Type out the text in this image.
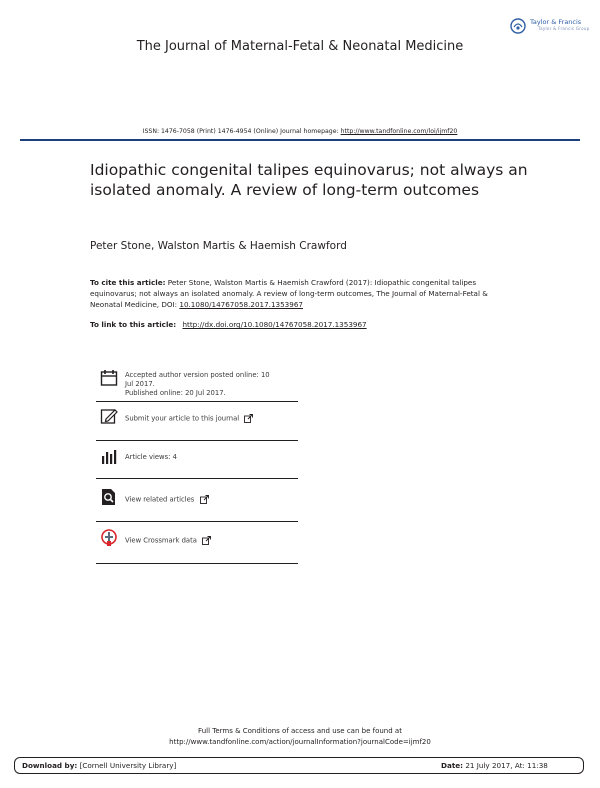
Taylor & Francis
Taylor & Francis Group
The Journal of Maternal-Fetal & Neonatal Medicine
ISSN: 1476-7058 (Print) 1476-4954 (Online) Journal homepage: http://www.tandfonline.com/loi/ijmf20
Idiopathic congenital talipes equinovarus; not always an isolated anomaly. A review of long-term outcomes
Peter Stone, Walston Martis & Haemish Crawford
To cite this article: Peter Stone, Walston Martis & Haemish Crawford (2017): Idiopathic congenital talipes equinovarus; not always an isolated anomaly. A review of long-term outcomes, The Journal of Maternal-Fetal & Neonatal Medicine, DOI: 10.1080/14767058.2017.1353967
To link to this article: http://dx.doi.org/10.1080/14767058.2017.1353967
Accepted author version posted online: 10
Jul 2017.
Published online: 20 Jul 2017.
Submit your article to this journal
Article views: 4
View related articles
View Crossmark data
Full Terms & Conditions of access and use can be found at
http://www.tandfonline.com/action/journalInformation?journalCode=ijmf20
Download by: [Cornell University Library]	Date: 21 July 2017, At: 11:38
